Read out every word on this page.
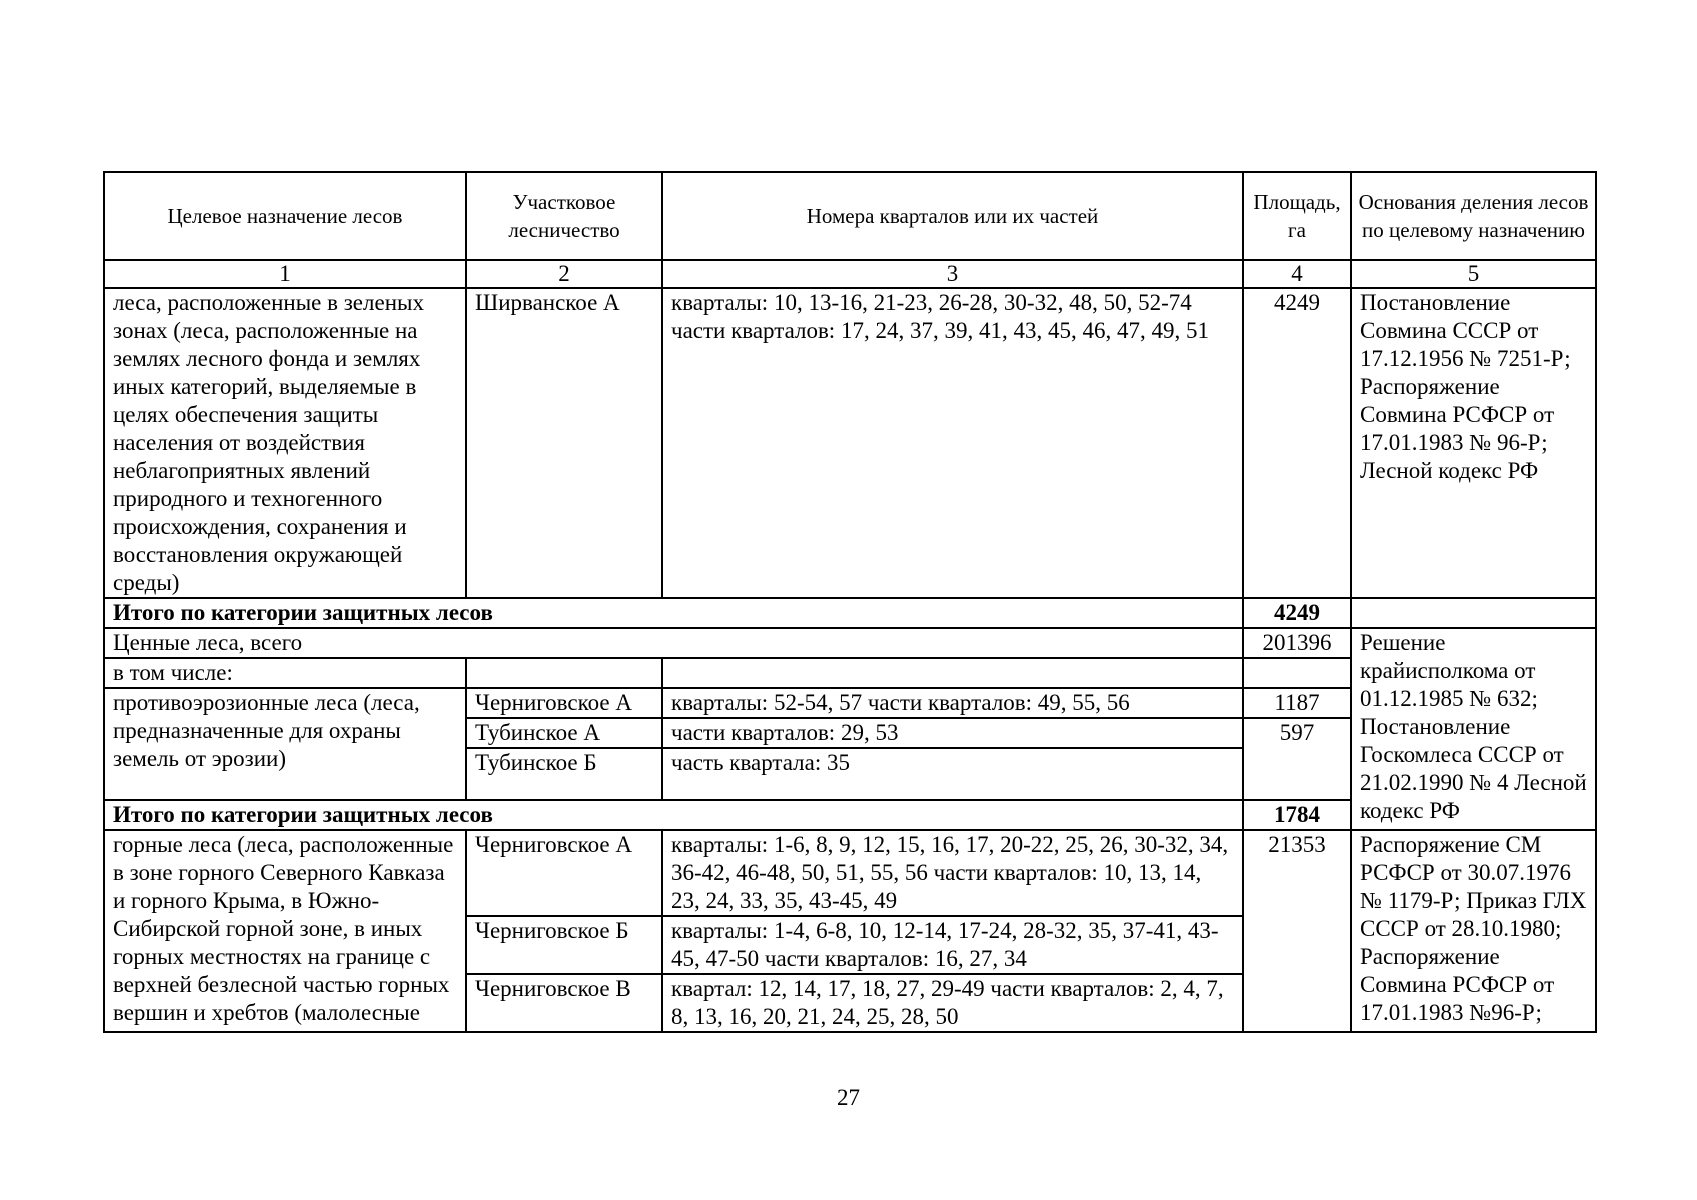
Целевое назначение лесов	Участковое лесничество	Номера кварталов или их частей	Площадь, га	Основания деления лесов по целевому назначению
1	2	3	4	5
леса, расположенные в зеленых зонах (леса, расположенные на землях лесного фонда и землях иных категорий, выделяемые в целях обеспечения защиты населения от воздействия неблагоприятных явлений природного и техногенного происхождения, сохранения и восстановления окружающей среды)	Ширванское А	кварталы: 10, 13-16, 21-23, 26-28, 30-32, 48, 50, 52-74 части кварталов: 17, 24, 37, 39, 41, 43, 45, 46, 47, 49, 51	4249	Постановление Совмина СССР от 17.12.1956 № 7251-Р; Распоряжение Совмина РСФСР от 17.01.1983 № 96-Р; Лесной кодекс РФ
Итого по категории защитных лесов			4249	
Ценные леса, всего			201396	Решение крайисполкома от 01.12.1985 № 632; Постановление Госкомлеса СССР от 21.02.1990 № 4 Лесной кодекс РФ
в том числе:				
противоэрозионные леса (леса, предназначенные для охраны земель от эрозии)	Черниговское А	кварталы: 52-54, 57 части кварталов: 49, 55, 56	1187	
	Тубинское А	части кварталов: 29, 53	597	
	Тубинское Б	часть квартала: 35		
Итого по категории защитных лесов			1784	
горные леса (леса, расположенные в зоне горного Северного Кавказа и горного Крыма, в Южно-Сибирской горной зоне, в иных горных местностях на границе с верхней безлесной частью горных вершин и хребтов (малолесные	Черниговское А	кварталы: 1-6, 8, 9, 12, 15, 16, 17, 20-22, 25, 26, 30-32, 34, 36-42, 46-48, 50, 51, 55, 56 части кварталов: 10, 13, 14, 23, 24, 33, 35, 43-45, 49	21353	Распоряжение СМ РСФСР от 30.07.1976 № 1179-Р; Приказ ГЛХ СССР от 28.10.1980; Распоряжение Совмина РСФСР от 17.01.1983 №96-Р;
	Черниговское Б	кварталы: 1-4, 6-8, 10, 12-14, 17-24, 28-32, 35, 37-41, 43-45, 47-50 части кварталов: 16, 27, 34		
	Черниговское В	квартал: 12, 14, 17, 18, 27, 29-49 части кварталов: 2, 4, 7, 8, 13, 16, 20, 21, 24, 25, 28, 50		
27
